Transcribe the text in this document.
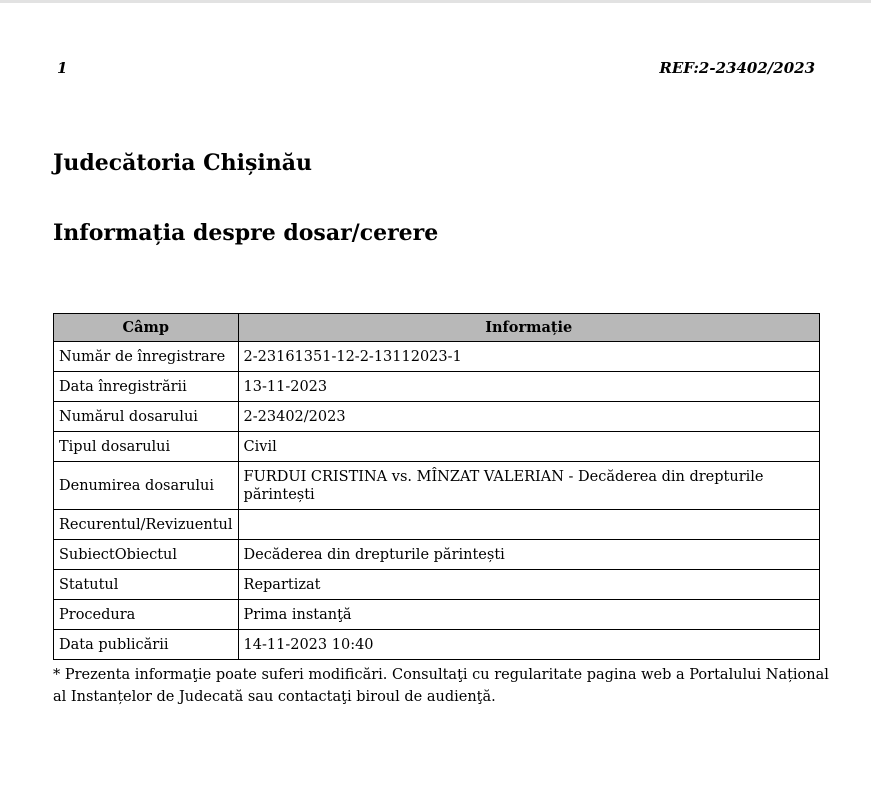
1	REF:2-23402/2023
Judecătoria Chișinău
Informația despre dosar/cerere
Câmp	Informație
Număr de înregistrare	2-23161351-12-2-13112023-1
Data înregistrării	13-11-2023
Numărul dosarului	2-23402/2023
Tipul dosarului	Civil
Denumirea dosarului	FURDUI CRISTINA vs. MÎNZAT VALERIAN - Decăderea din drepturile părintești
Recurentul/Revizuentul	
SubiectObiectul	Decăderea din drepturile părintești
Statutul	Repartizat
Procedura	Prima instanţă
Data publicării	14-11-2023 10:40

* Prezenta informaţie poate suferi modificări. Consultaţi cu regularitate pagina web a Portalului Național al Instanțelor de Judecată sau contactaţi biroul de audienţă.
